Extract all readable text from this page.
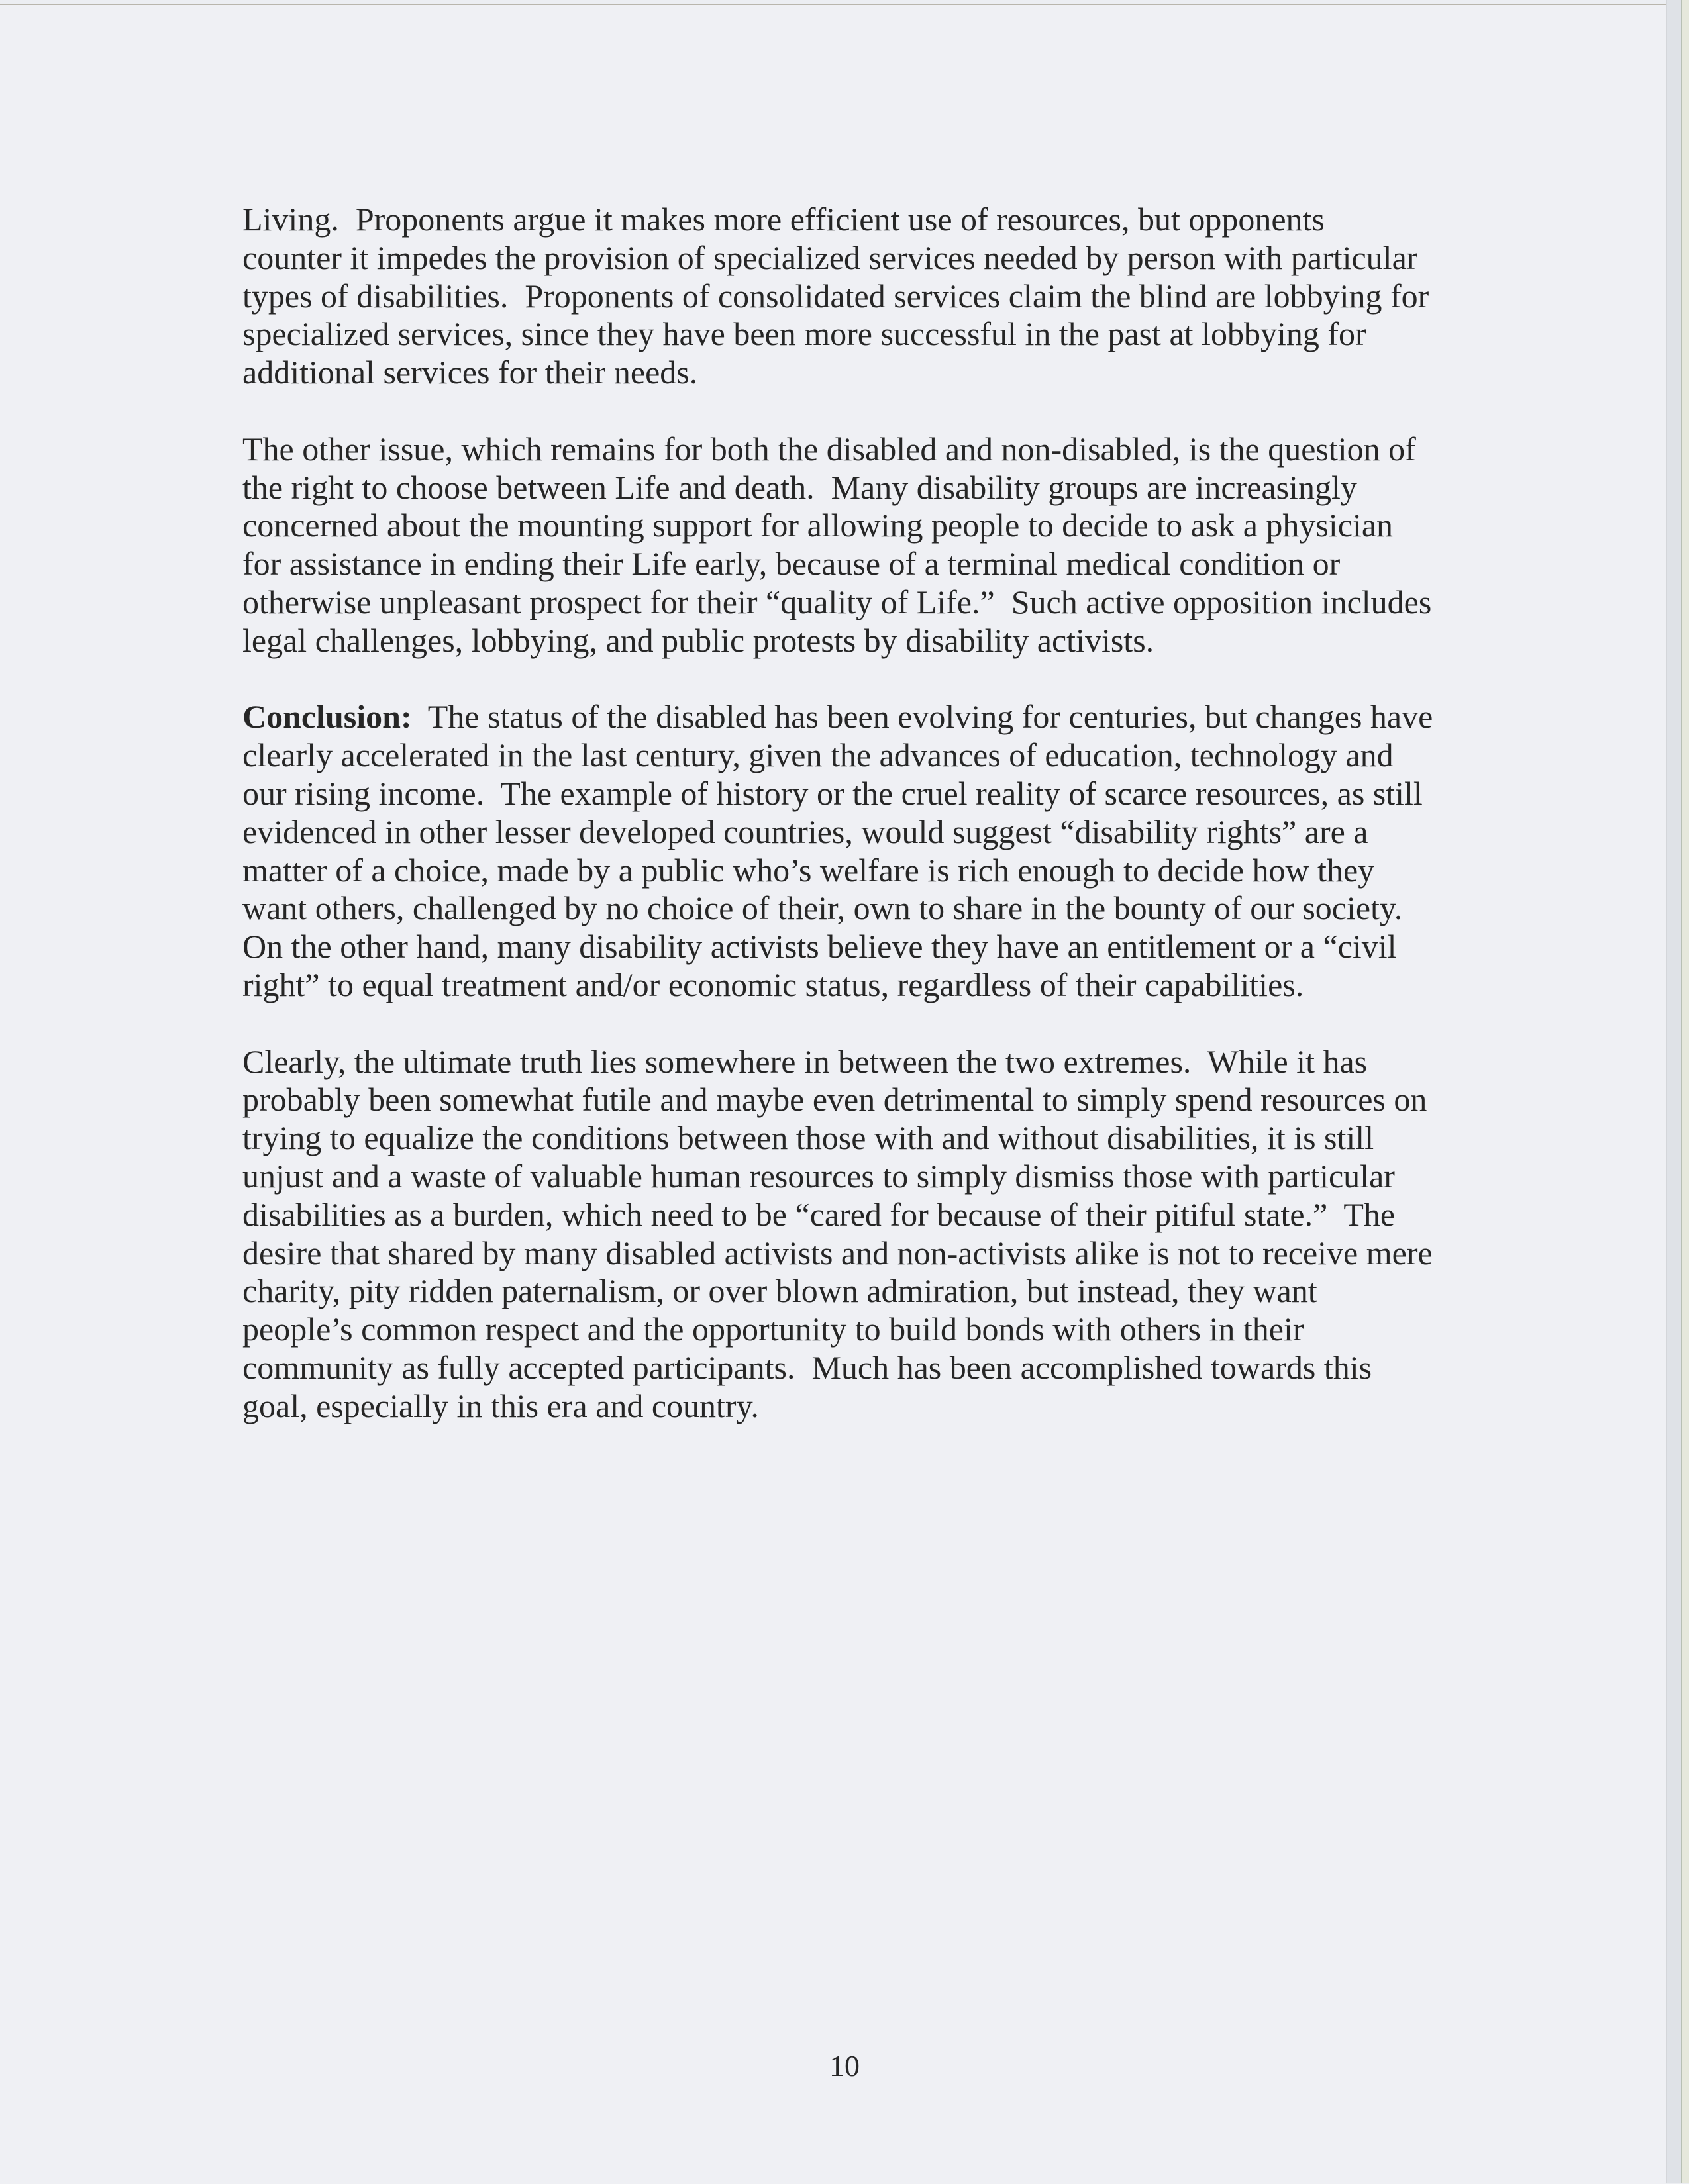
Living.  Proponents argue it makes more efficient use of resources, but opponents
counter it impedes the provision of specialized services needed by person with particular
types of disabilities.  Proponents of consolidated services claim the blind are lobbying for
specialized services, since they have been more successful in the past at lobbying for
additional services for their needs.
The other issue, which remains for both the disabled and non-disabled, is the question of
the right to choose between Life and death.  Many disability groups are increasingly
concerned about the mounting support for allowing people to decide to ask a physician
for assistance in ending their Life early, because of a terminal medical condition or
otherwise unpleasant prospect for their “quality of Life.”  Such active opposition includes
legal challenges, lobbying, and public protests by disability activists.
Conclusion:  The status of the disabled has been evolving for centuries, but changes have
clearly accelerated in the last century, given the advances of education, technology and
our rising income.  The example of history or the cruel reality of scarce resources, as still
evidenced in other lesser developed countries, would suggest “disability rights” are a
matter of a choice, made by a public who’s welfare is rich enough to decide how they
want others, challenged by no choice of their, own to share in the bounty of our society.
On the other hand, many disability activists believe they have an entitlement or a “civil
right” to equal treatment and/or economic status, regardless of their capabilities.
Clearly, the ultimate truth lies somewhere in between the two extremes.  While it has
probably been somewhat futile and maybe even detrimental to simply spend resources on
trying to equalize the conditions between those with and without disabilities, it is still
unjust and a waste of valuable human resources to simply dismiss those with particular
disabilities as a burden, which need to be “cared for because of their pitiful state.”  The
desire that shared by many disabled activists and non-activists alike is not to receive mere
charity, pity ridden paternalism, or over blown admiration, but instead, they want
people’s common respect and the opportunity to build bonds with others in their
community as fully accepted participants.  Much has been accomplished towards this
goal, especially in this era and country.
10
